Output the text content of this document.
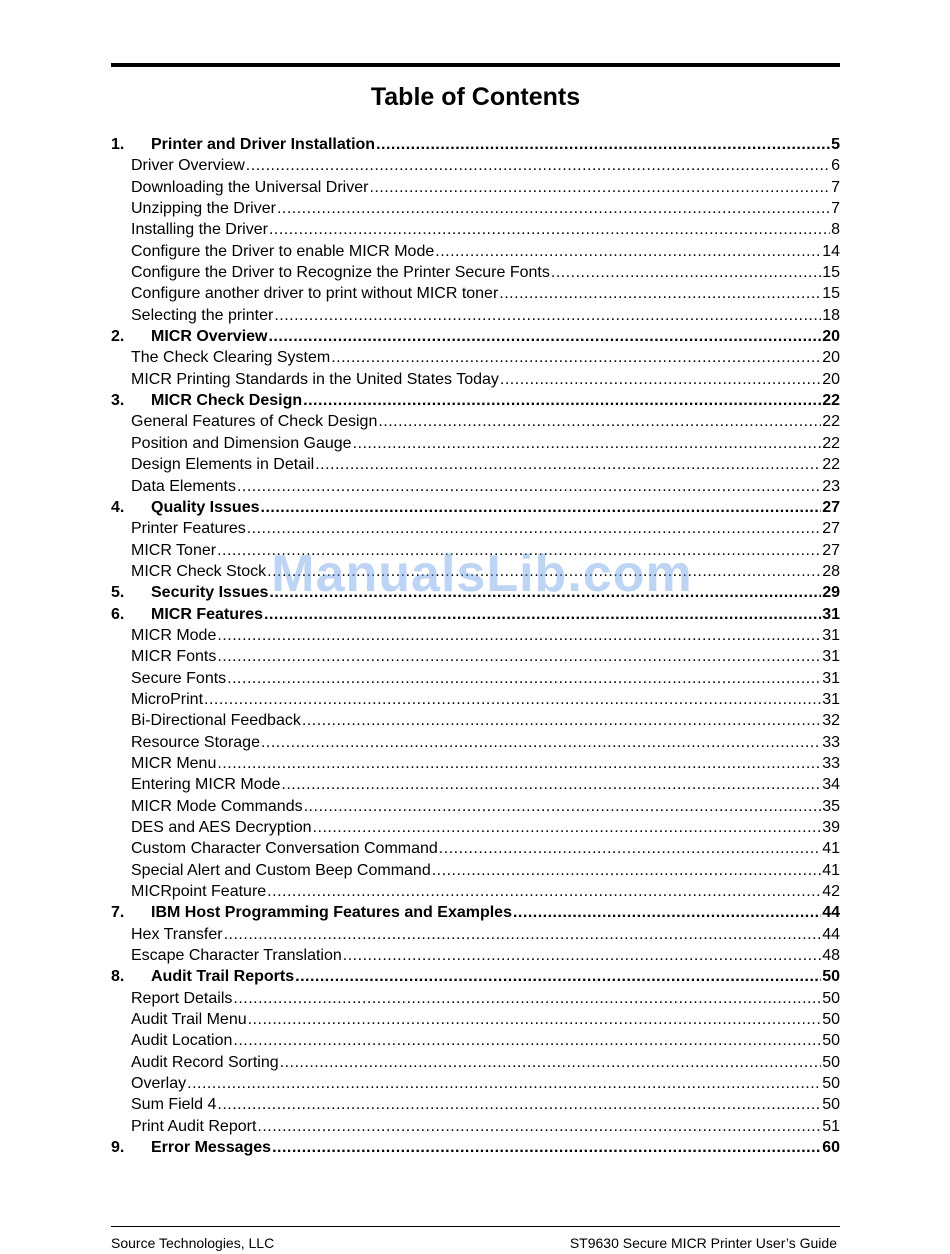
Table of Contents
1.	Printer and Driver Installation .....	5
Driver Overview .....	6
Downloading the Universal Driver .....	7
Unzipping the Driver .....	7
Installing the Driver .....	8
Configure the Driver to enable MICR Mode .....	14
Configure the Driver to Recognize the Printer Secure Fonts .....	15
Configure another driver to print without MICR toner .....	15
Selecting the printer .....	18
2.	MICR Overview .....	20
The Check Clearing System .....	20
MICR Printing Standards in the United States Today .....	20
3.	MICR Check Design .....	22
General Features of Check Design .....	22
Position and Dimension Gauge .....	22
Design Elements in Detail .....	22
Data Elements .....	23
4.	Quality Issues .....	27
Printer Features .....	27
MICR Toner .....	27
MICR Check Stock .....	28
5.	Security Issues .....	29
6.	MICR Features .....	31
MICR Mode .....	31
MICR Fonts .....	31
Secure Fonts .....	31
MicroPrint .....	31
Bi-Directional Feedback .....	32
Resource Storage .....	33
MICR Menu .....	33
Entering MICR Mode .....	34
MICR Mode Commands .....	35
DES and AES Decryption .....	39
Custom Character Conversation Command .....	41
Special Alert and Custom Beep Command .....	41
MICRpoint Feature .....	42
7.	IBM Host Programming Features and Examples .....	44
Hex Transfer .....	44
Escape Character Translation .....	48
8.	Audit Trail Reports .....	50
Report Details .....	50
Audit Trail Menu .....	50
Audit Location .....	50
Audit Record Sorting .....	50
Overlay .....	50
Sum Field 4 .....	50
Print Audit Report .....	51
9.	Error Messages .....	60
ManualsLib.com
Source Technologies, LLC	ST9630 Secure MICR Printer User’s Guide
